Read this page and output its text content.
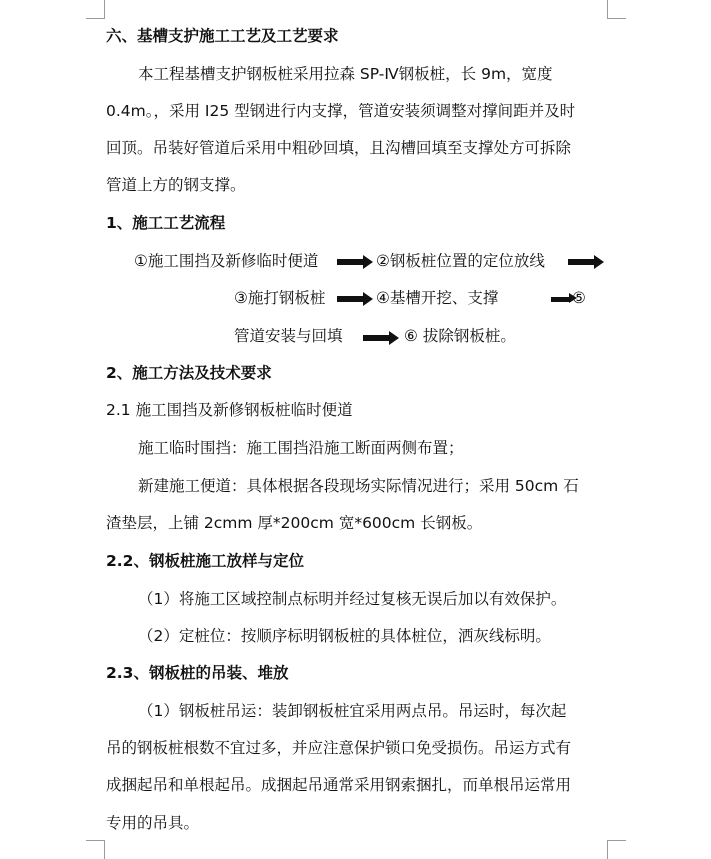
六、基槽支护施工工艺及工艺要求
本工程基槽支护钢板桩采用拉森 SP-Ⅳ钢板桩，长 9m，宽度
0.4m。，采用 I25 型钢进行内支撑，管道安装须调整对撑间距并及时
回顶。吊装好管道后采用中粗砂回填，且沟槽回填至支撑处方可拆除
管道上方的钢支撑。
1、施工工艺流程
①施工围挡及新修临时便道	②钢板桩位置的定位放线
③施打钢板桩	④基槽开挖、支撑	⑤
管道安装与回填	⑥ 拔除钢板桩。
2、施工方法及技术要求
2.1 施工围挡及新修钢板桩临时便道
施工临时围挡：施工围挡沿施工断面两侧布置；
新建施工便道：具体根据各段现场实际情况进行；采用 50cm 石
渣垫层，上铺 2cmm 厚*200cm 宽*600cm 长钢板。
2.2、钢板桩施工放样与定位
（1）将施工区域控制点标明并经过复核无误后加以有效保护。
（2）定桩位：按顺序标明钢板桩的具体桩位，洒灰线标明。
2.3、钢板桩的吊装、堆放
（1）钢板桩吊运：装卸钢板桩宜采用两点吊。吊运时，每次起
吊的钢板桩根数不宜过多，并应注意保护锁口免受损伤。吊运方式有
成捆起吊和单根起吊。成捆起吊通常采用钢索捆扎，而单根吊运常用
专用的吊具。
